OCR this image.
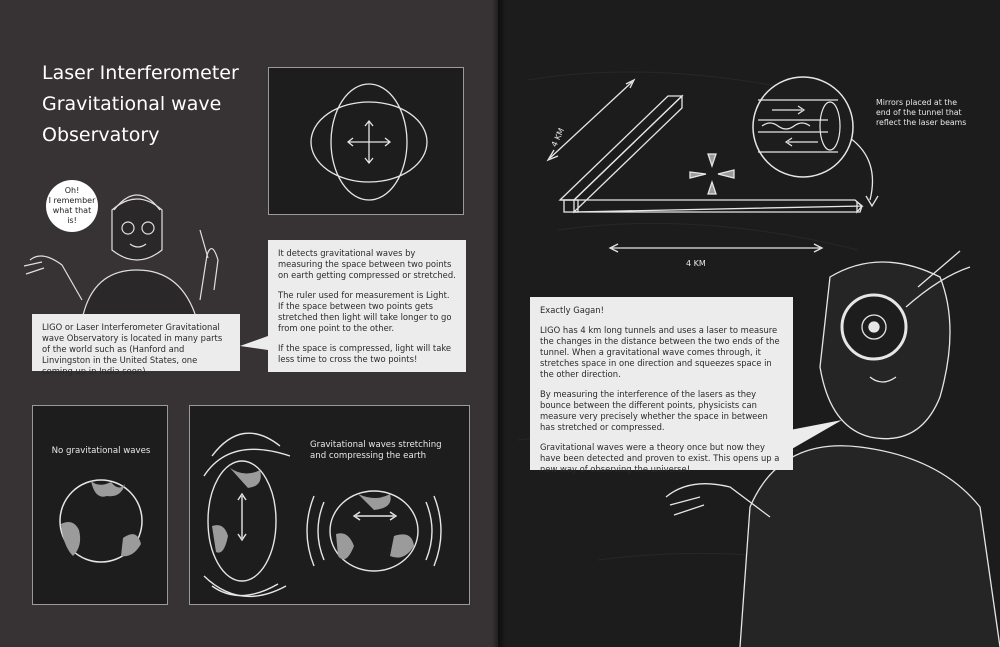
Laser Interferometer
Gravitational wave
Observatory
Oh!
I remember
what that
is!

LIGO or Laser Interferometer Gravitational wave Observatory is located in many parts of the world such as (Hanford and Linvingston in the United States, one coming up in India soon).

It detects gravitational waves by measuring the space between two points on earth getting compressed or stretched.

The ruler used for measurement is Light. If the space between two points gets stretched then light will take longer to go from one point to the other.

If the space is compressed, light will take less time to cross the two points!

No gravitational waves
Gravitational waves stretching and compressing the earth
4 KM
4 KM
Mirrors placed at the end of the tunnel that reflect the laser beams

Exactly Gagan!

LIGO has 4 km long tunnels and uses a laser to measure the changes in the distance between the two ends of the tunnel. When a gravitational wave comes through, it stretches space in one direction and squeezes space in the other direction.

By measuring the interference of the lasers as they bounce between the different points, physicists can measure very precisely whether the space in between has stretched or compressed.

Gravitational waves were a theory once but now they have been detected and proven to exist. This opens up a new way of observing the universe!
